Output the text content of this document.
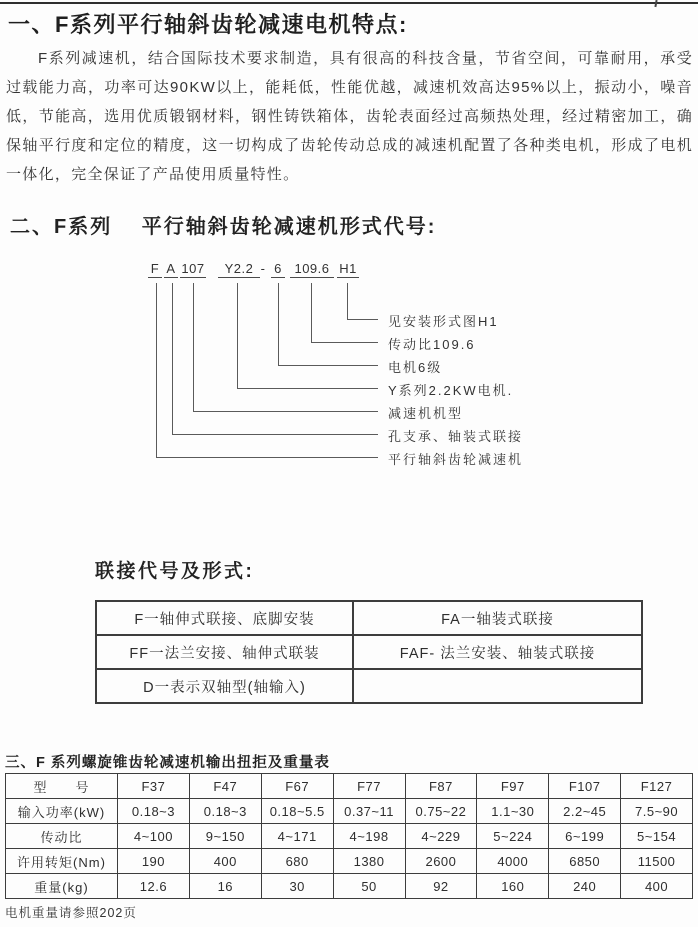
一、F系列平行轴斜齿轮减速电机特点:
F系列减速机，结合国际技术要求制造，具有很高的科技含量，节省空间，可靠耐用，承受过载能力高，功率可达90KW以上，能耗低，性能优越，减速机效高达95%以上，振动小，噪音低，节能高，选用优质锻钢材料，钢性铸铁箱体，齿轮表面经过高频热处理，经过精密加工，确保轴平行度和定位的精度，这一切构成了齿轮传动总成的减速机配置了各种类电机，形成了电机一体化，完全保证了产品使用质量特性。
二、F系列　 平行轴斜齿轮减速机形式代号:
F
平行轴斜齿轮减速机
A
孔支承、轴装式联接
107
减速机机型
Y2.2
Y系列2.2KW电机.
- 6
电机6级
109.6
传动比109.6
H1
见安装形式图H1
联接代号及形式:
F一轴伸式联接、底脚安装	FA一轴装式联接
FF一法兰安接、轴伸式联装	FAF- 法兰安装、轴装式联接
D一表示双轴型(轴输入)	
三、F 系列螺旋锥齿轮减速机输出扭拒及重量表
型　　号	F37	F47	F67	F77	F87	F97	F107	F127
输入功率(kW)	0.18~3	0.18~3	0.18~5.5	0.37~11	0.75~22	1.1~30	2.2~45	7.5~90
传动比	4~100	9~150	4~171	4~198	4~229	5~224	6~199	5~154
许用转矩(Nm)	190	400	680	1380	2600	4000	6850	11500
重量(kg)	12.6	16	30	50	92	160	240	400
电机重量请参照202页
